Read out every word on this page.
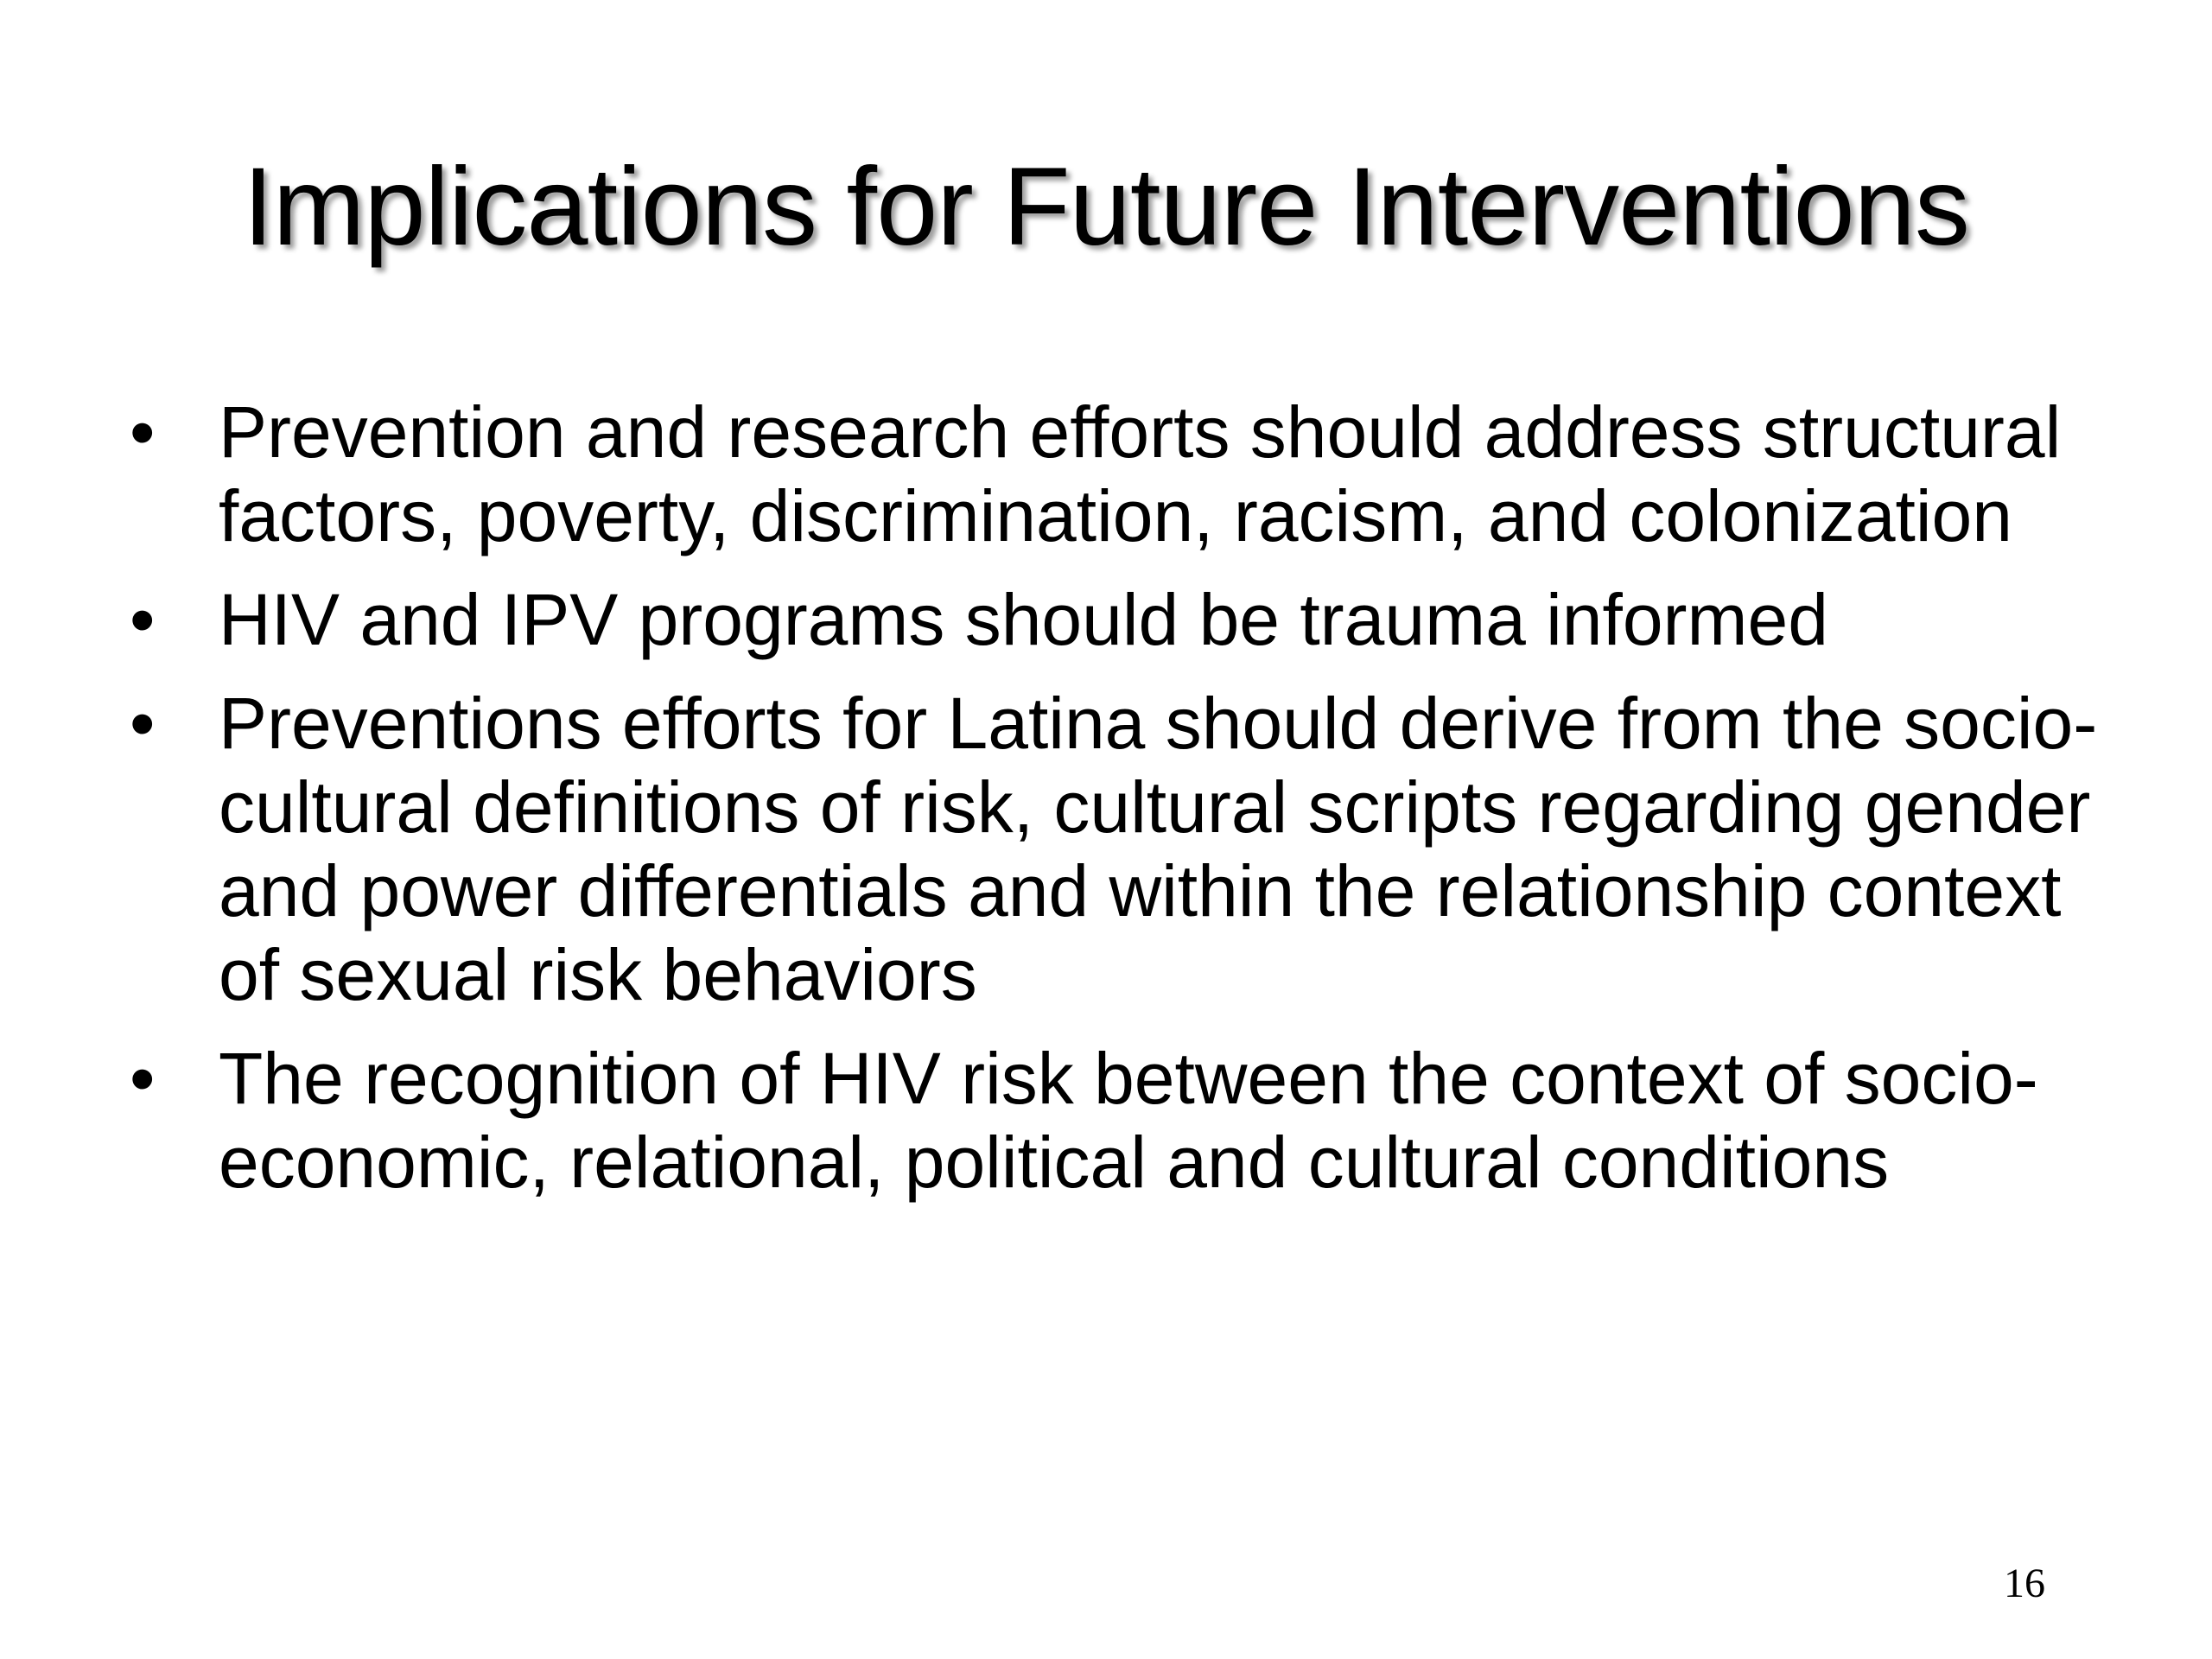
Implications for Future Interventions
• Prevention and research efforts should address structural factors, poverty, discrimination, racism, and colonization
• HIV and IPV programs should be trauma informed
• Preventions efforts for Latina should derive from the socio-cultural definitions of risk, cultural scripts regarding gender and power differentials and within the relationship context of sexual risk behaviors
• The recognition of HIV risk between the context of socio-economic, relational, political and cultural conditions
16
